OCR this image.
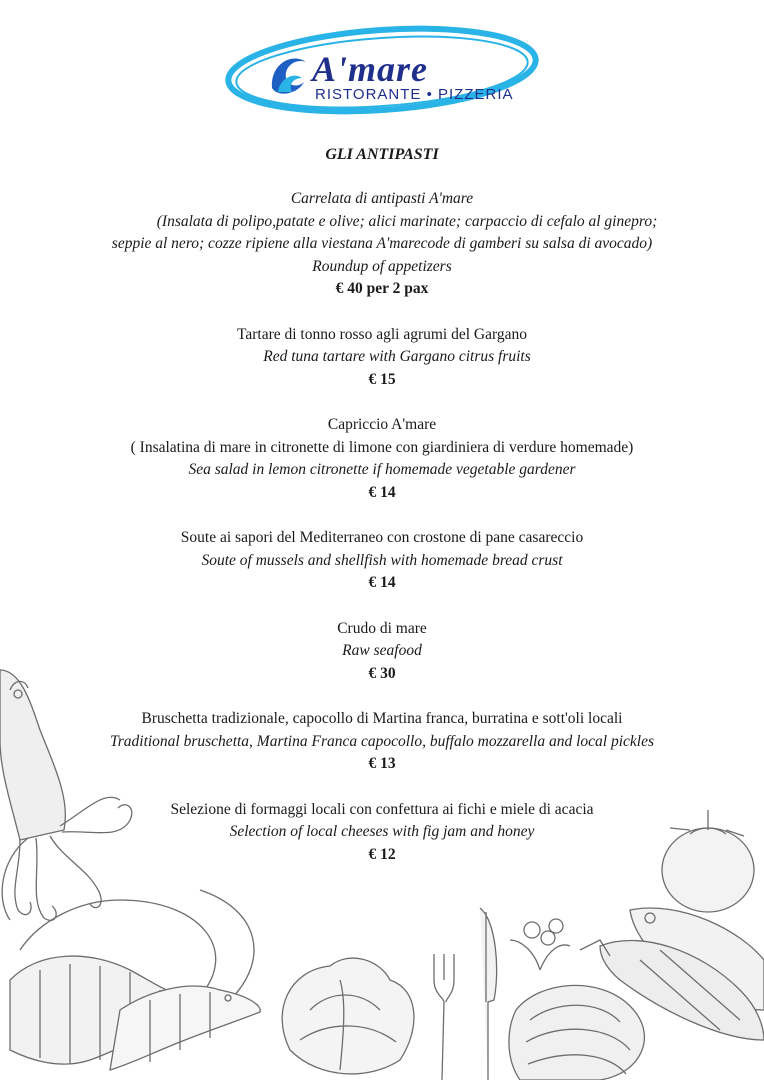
A'mare
RISTORANTE • PIZZERIA
GLI ANTIPASTI
Carrelata di antipasti A'mare
(Insalata di polipo,patate e olive; alici marinate; carpaccio di cefalo al ginepro;
seppie al nero; cozze ripiene alla viestana A'marecode di gamberi su salsa di avocado)
Roundup of appetizers
€ 40 per 2 pax
Tartare di tonno rosso agli agrumi del Gargano
Red tuna tartare with Gargano citrus fruits
€ 15
Capriccio A'mare
( Insalatina di mare in citronette di limone con giardiniera di verdure homemade)
Sea salad in lemon citronette if homemade vegetable gardener
€ 14
Soute ai sapori del Mediterraneo con crostone di pane casareccio
Soute of mussels and shellfish with homemade bread crust
€ 14
Crudo di mare
Raw seafood
€ 30
Bruschetta tradizionale, capocollo di Martina franca, burratina e sott'oli locali
Traditional bruschetta, Martina Franca capocollo, buffalo mozzarella and local pickles
€ 13
Selezione di formaggi locali con confettura ai fichi e miele di acacia
Selection of local cheeses with fig jam and honey
€ 12
